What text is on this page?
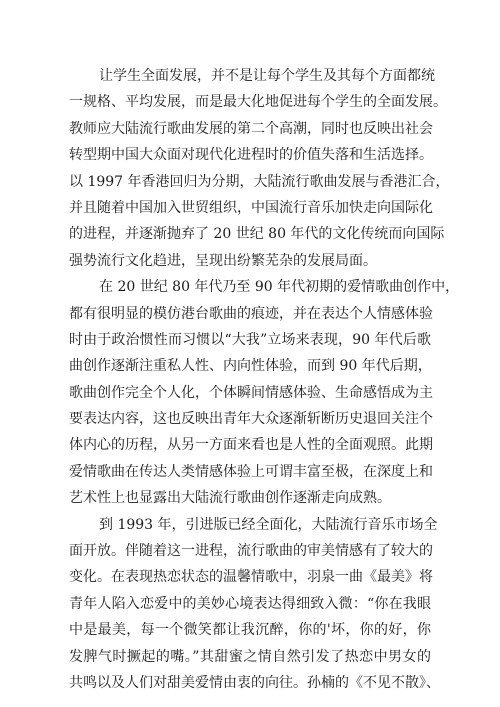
让学生全面发展，并不是让每个学生及其每个方面都统
一规格、平均发展，而是最大化地促进每个学生的全面发展。
教师应大陆流行歌曲发展的第二个高潮，同时也反映出社会
转型期中国大众面对现代化进程时的价值失落和生活选择。
以 1997 年香港回归为分期，大陆流行歌曲发展与香港汇合，
并且随着中国加入世贸组织，中国流行音乐加快走向国际化
的进程，并逐渐抛弃了 20 世纪 80 年代的文化传统而向国际
强势流行文化趋进，呈现出纷繁芜杂的发展局面。

在 20 世纪 80 年代乃至 90 年代初期的爱情歌曲创作中，
都有很明显的模仿港台歌曲的痕迹，并在表达个人情感体验
时由于政治惯性而习惯以“大我”立场来表现，90 年代后歌
曲创作逐渐注重私人性、内向性体验，而到 90 年代后期，
歌曲创作完全个人化，个体瞬间情感体验、生命感悟成为主
要表达内容，这也反映出青年大众逐渐斩断历史退回关注个
体内心的历程，从另一方面来看也是人性的全面观照。此期
爱情歌曲在传达人类情感体验上可谓丰富至极，在深度上和
艺术性上也显露出大陆流行歌曲创作逐渐走向成熟。

到 1993 年，引进版已经全面化，大陆流行音乐市场全
面开放。伴随着这一进程，流行歌曲的审美情感有了较大的
变化。在表现热恋状态的温馨情歌中，羽泉一曲《最美》将
青年人陷入恋爱中的美妙心境表达得细致入微：“你在我眼
中是最美，每一个微笑都让我沉醉，你的'坏，你的好，你
发脾气时撅起的嘴。”其甜蜜之情自然引发了热恋中男女的
共鸣以及人们对甜美爱情由衷的向往。孙楠的《不见不散》、
